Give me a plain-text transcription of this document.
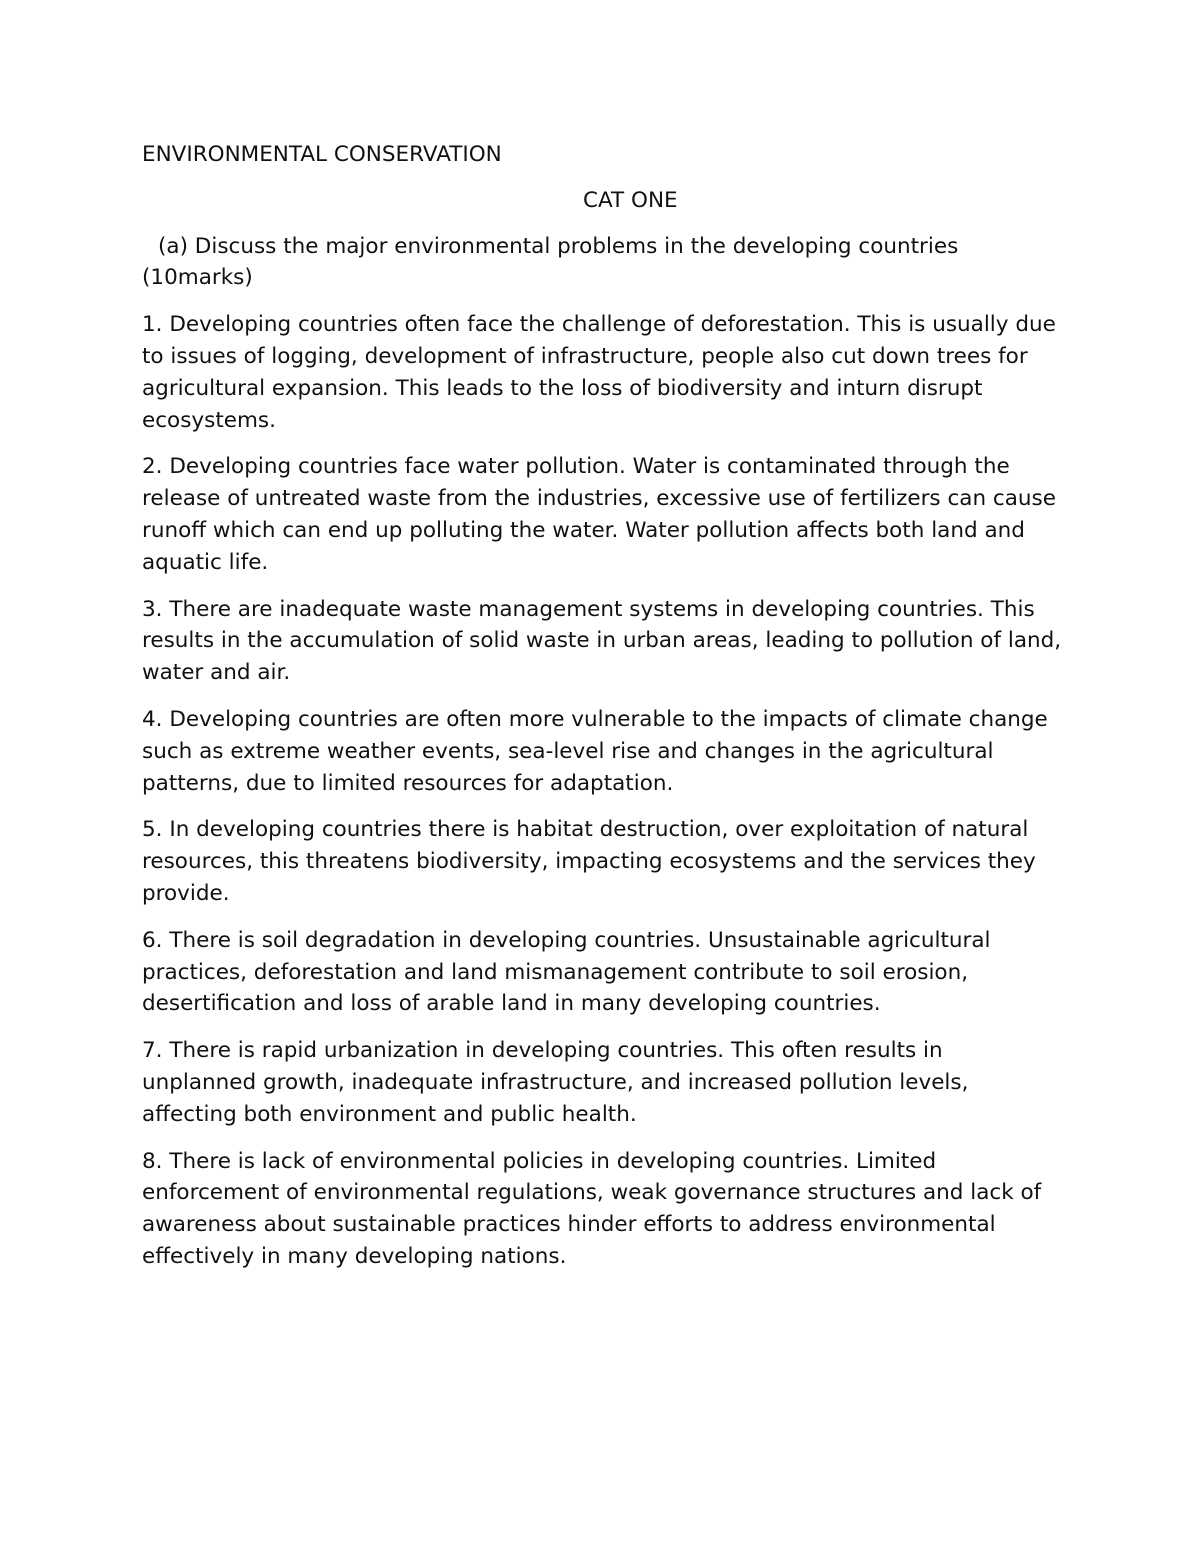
ENVIRONMENTAL CONSERVATION

CAT ONE

(a) Discuss the major environmental problems in the developing countries
(10marks)

1. Developing countries often face the challenge of deforestation. This is usually due to issues of logging, development of infrastructure, people also cut down trees for agricultural expansion. This leads to the loss of biodiversity and inturn disrupt ecosystems.

2. Developing countries face water pollution. Water is contaminated through the release of untreated waste from the industries, excessive use of fertilizers can cause runoff which can end up polluting the water. Water pollution affects both land and aquatic life.

3. There are inadequate waste management systems in developing countries. This results in the accumulation of solid waste in urban areas, leading to pollution of land, water and air.

4. Developing countries are often more vulnerable to the impacts of climate change such as extreme weather events, sea-level rise and changes in the agricultural patterns, due to limited resources for adaptation.

5. In developing countries there is habitat destruction, over exploitation of natural resources, this threatens biodiversity, impacting ecosystems and the services they provide.

6. There is soil degradation in developing countries. Unsustainable agricultural practices, deforestation and land mismanagement contribute to soil erosion, desertification and loss of arable land in many developing countries.

7. There is rapid urbanization in developing countries. This often results in unplanned growth, inadequate infrastructure, and increased pollution levels, affecting both environment and public health.

8. There is lack of environmental policies in developing countries. Limited enforcement of environmental regulations, weak governance structures and lack of awareness about sustainable practices hinder efforts to address environmental effectively in many developing nations.
